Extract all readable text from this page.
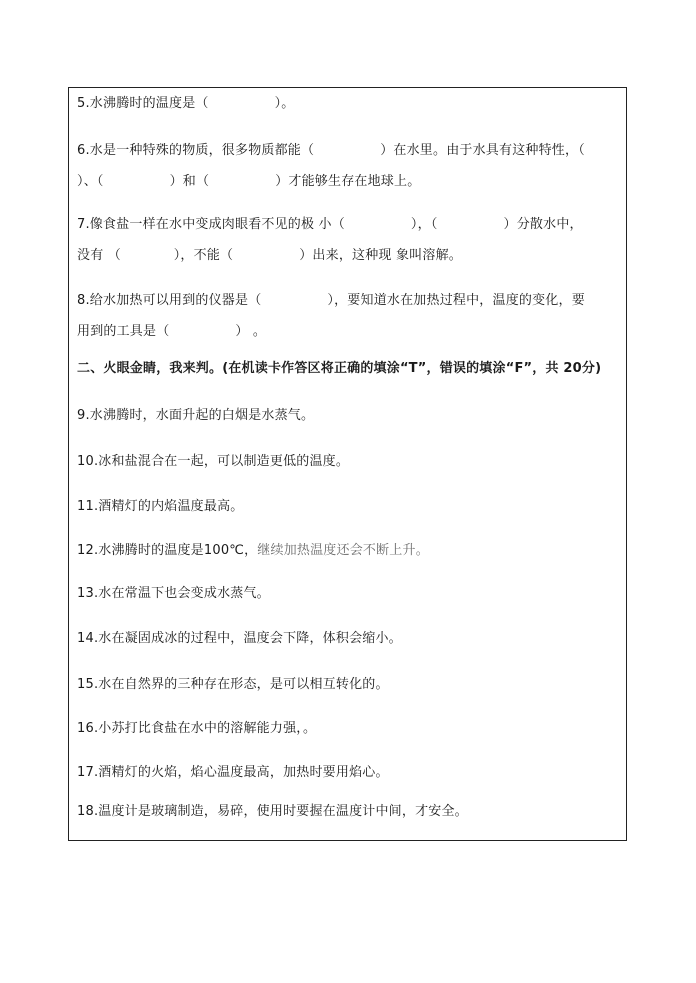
5.水沸腾时的温度是（　　　　　）。
6.水是一种特殊的物质，很多物质都能（　　　　　）在水里。由于水具有这种特性，（
）、（　　　　　）和（　　　　　）才能够生存在地球上。
7.像食盐一样在水中变成肉眼看不见的极 小（　　　　　），（　　　　　）分散水中，
没有 （　　　　），不能（　　　　　）出来，这种现 象叫溶解。
8.给水加热可以用到的仪器是（　　　　　），要知道水在加热过程中，温度的变化，要
用到的工具是（　　　　　） 。
二、火眼金睛，我来判。(在机读卡作答区将正确的填涂“T”，错误的填涂“F”，共 20分)
9.水沸腾时，水面升起的白烟是水蒸气。
10.冰和盐混合在一起，可以制造更低的温度。
11.酒精灯的内焰温度最高。
12.水沸腾时的温度是100℃，继续加热温度还会不断上升。
13.水在常温下也会变成水蒸气。
14.水在凝固成冰的过程中，温度会下降，体积会缩小。
15.水在自然界的三种存在形态，是可以相互转化的。
16.小苏打比食盐在水中的溶解能力强，。
17.酒精灯的火焰，焰心温度最高，加热时要用焰心。
18.温度计是玻璃制造，易碎，使用时要握在温度计中间，才安全。
